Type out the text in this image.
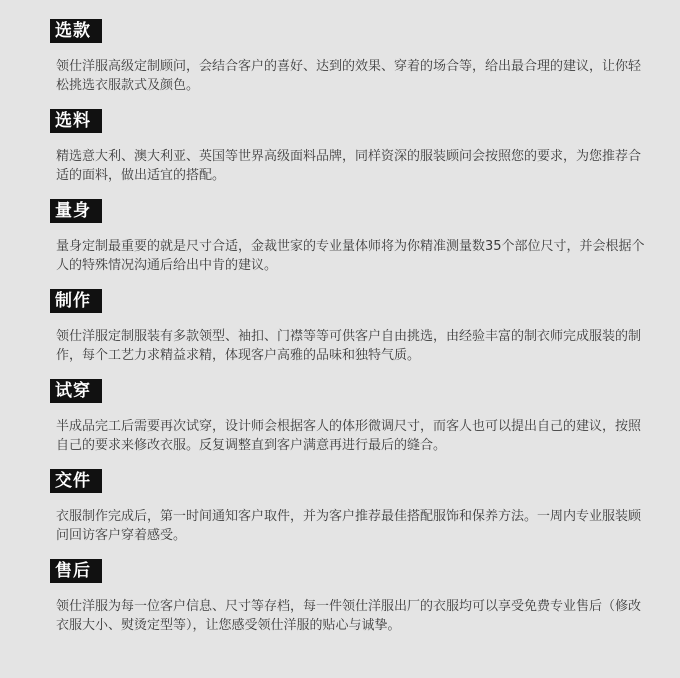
选款

领仕洋服高级定制顾问，会结合客户的喜好、达到的效果、穿着的场合等，给出最合理的建议，让你轻松挑选衣服款式及颜色。

选料

精选意大利、澳大利亚、英国等世界高级面料品牌，同样资深的服装顾问会按照您的要求，为您推荐合适的面料，做出适宜的搭配。

量身

量身定制最重要的就是尺寸合适，金裁世家的专业量体师将为你精准测量数35个部位尺寸，并会根据个人的特殊情况沟通后给出中肯的建议。

制作

领仕洋服定制服装有多款领型、袖扣、门襟等等可供客户自由挑选，由经验丰富的制衣师完成服装的制作，每个工艺力求精益求精，体现客户高雅的品味和独特气质。

试穿

半成品完工后需要再次试穿，设计师会根据客人的体形微调尺寸，而客人也可以提出自己的建议，按照自己的要求来修改衣服。反复调整直到客户满意再进行最后的缝合。

交件

衣服制作完成后，第一时间通知客户取件，并为客户推荐最佳搭配服饰和保养方法。一周内专业服装顾问回访客户穿着感受。

售后

领仕洋服为每一位客户信息、尺寸等存档，每一件领仕洋服出厂的衣服均可以享受免费专业售后（修改衣服大小、熨烫定型等），让您感受领仕洋服的贴心与诚挚。
